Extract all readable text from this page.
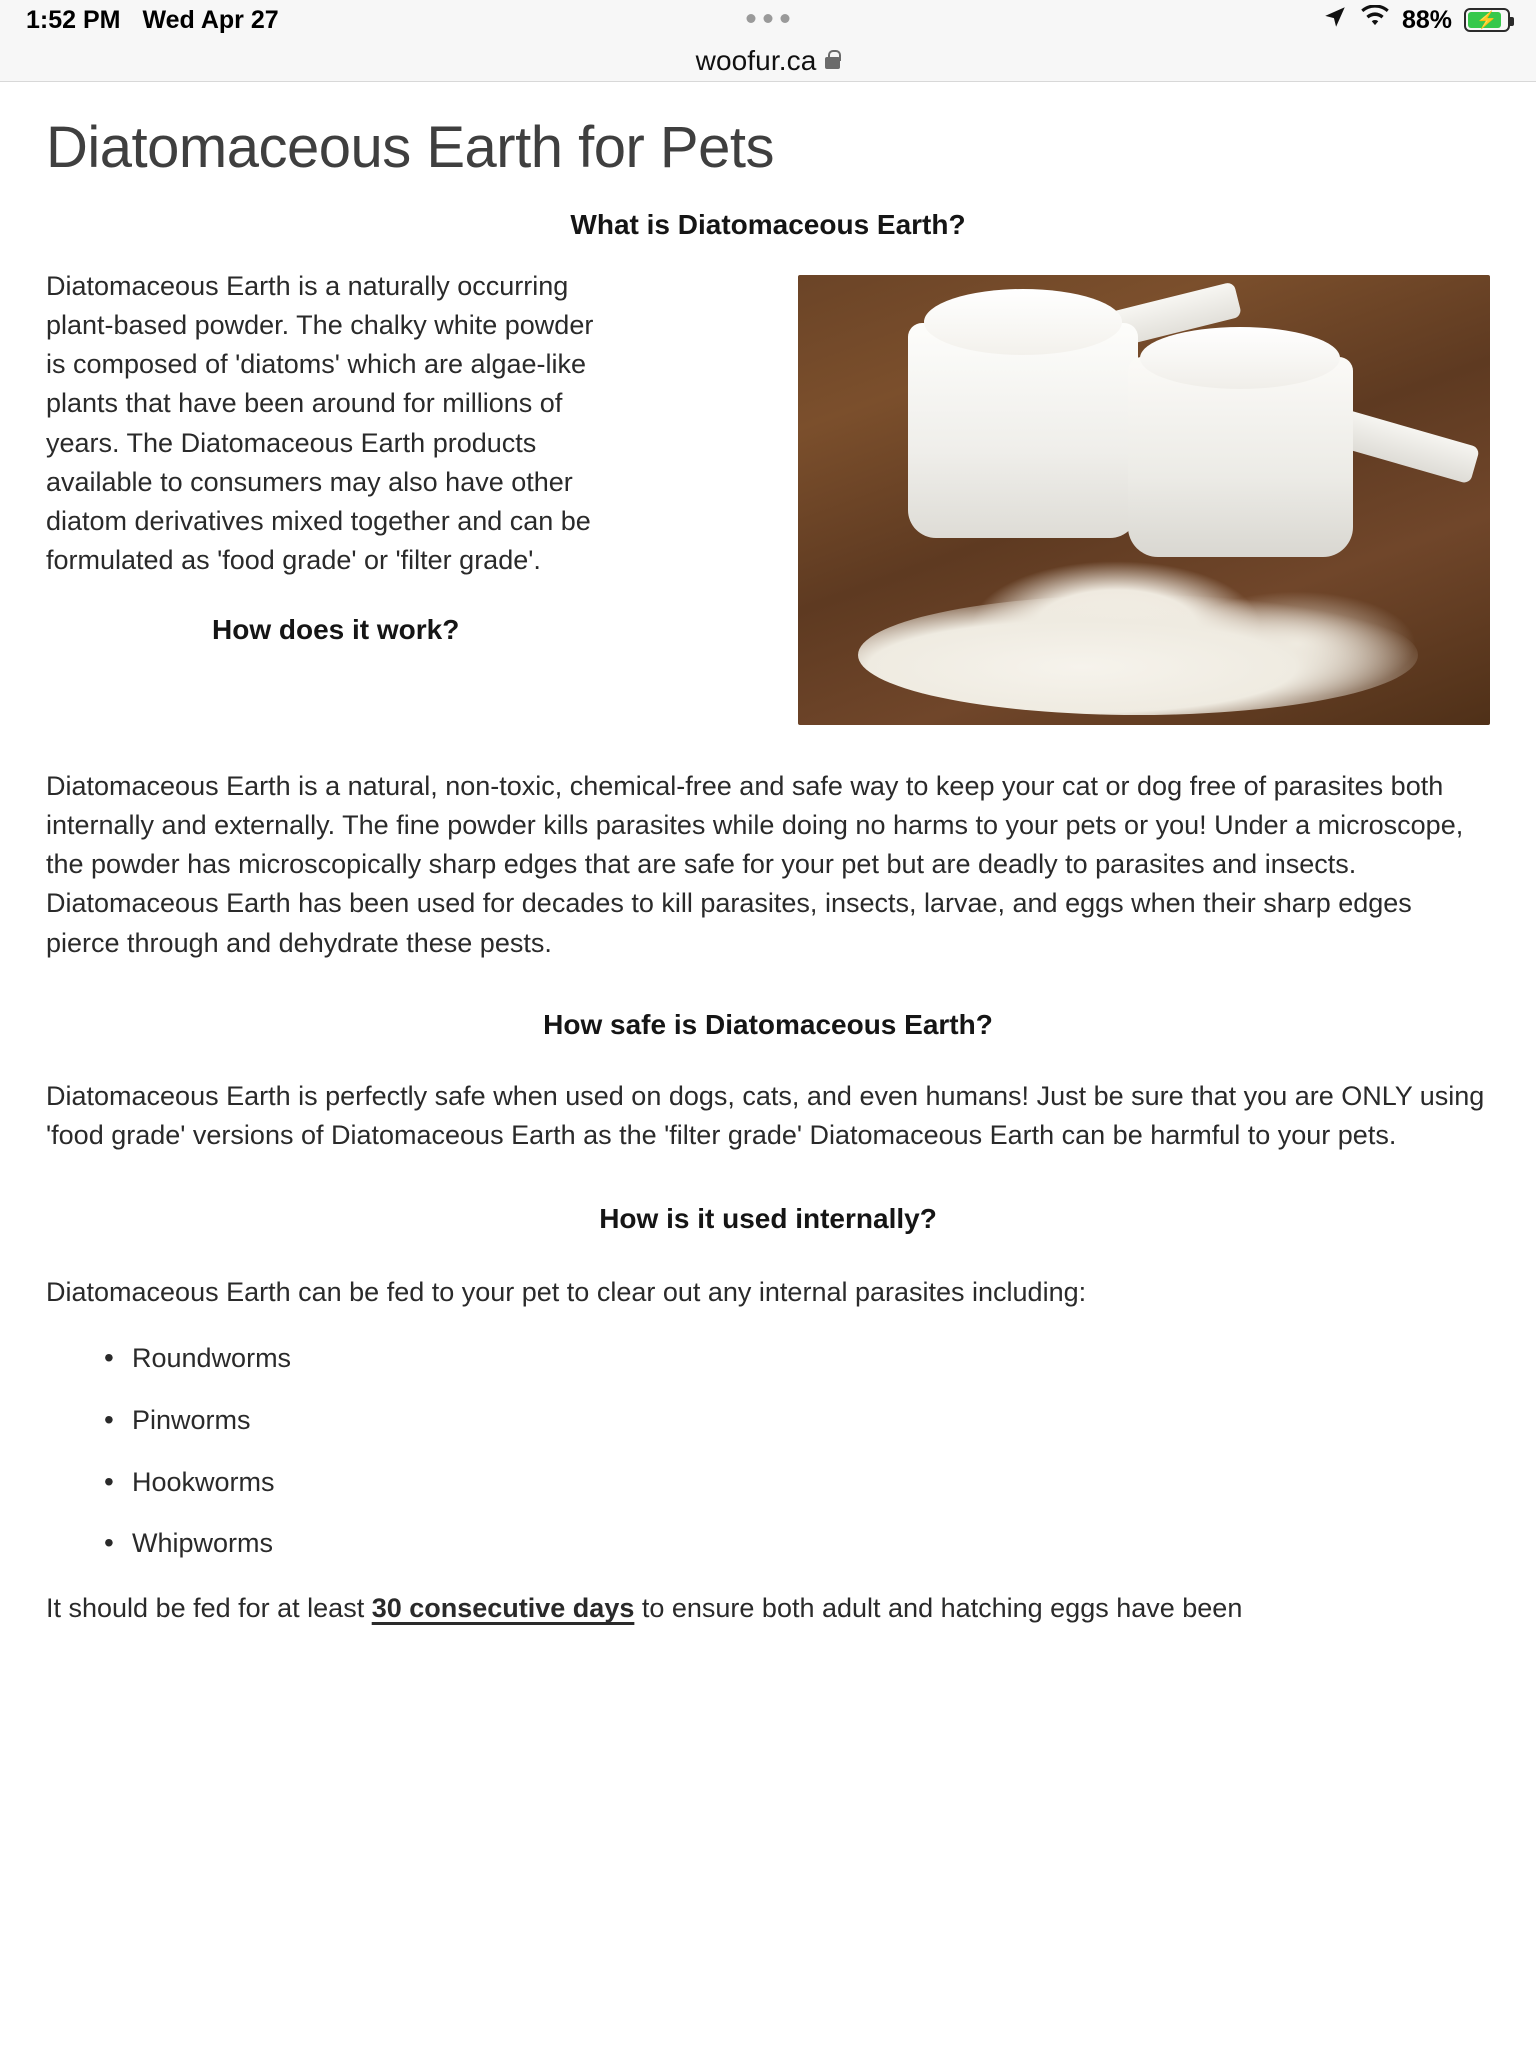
1:52 PM Wed Apr 27	88% ⚡
woofur.ca
Diatomaceous Earth for Pets
What is Diatomaceous Earth?

Diatomaceous Earth is a naturally occurring plant-based powder. The chalky white powder is composed of 'diatoms' which are algae-like plants that have been around for millions of years. The Diatomaceous Earth products available to consumers may also have other diatom derivatives mixed together and can be formulated as 'food grade' or 'filter grade'.

How does it work?

Diatomaceous Earth is a natural, non-toxic, chemical-free and safe way to keep your cat or dog free of parasites both internally and externally. The fine powder kills parasites while doing no harms to your pets or you! Under a microscope, the powder has microscopically sharp edges that are safe for your pet but are deadly to parasites and insects. Diatomaceous Earth has been used for decades to kill parasites, insects, larvae, and eggs when their sharp edges pierce through and dehydrate these pests.

How safe is Diatomaceous Earth?

Diatomaceous Earth is perfectly safe when used on dogs, cats, and even humans! Just be sure that you are ONLY using 'food grade' versions of Diatomaceous Earth as the 'filter grade' Diatomaceous Earth can be harmful to your pets.

How is it used internally?

Diatomaceous Earth can be fed to your pet to clear out any internal parasites including:

• Roundworms
• Pinworms
• Hookworms
• Whipworms

It should be fed for at least 30 consecutive days to ensure both adult and hatching eggs have been
